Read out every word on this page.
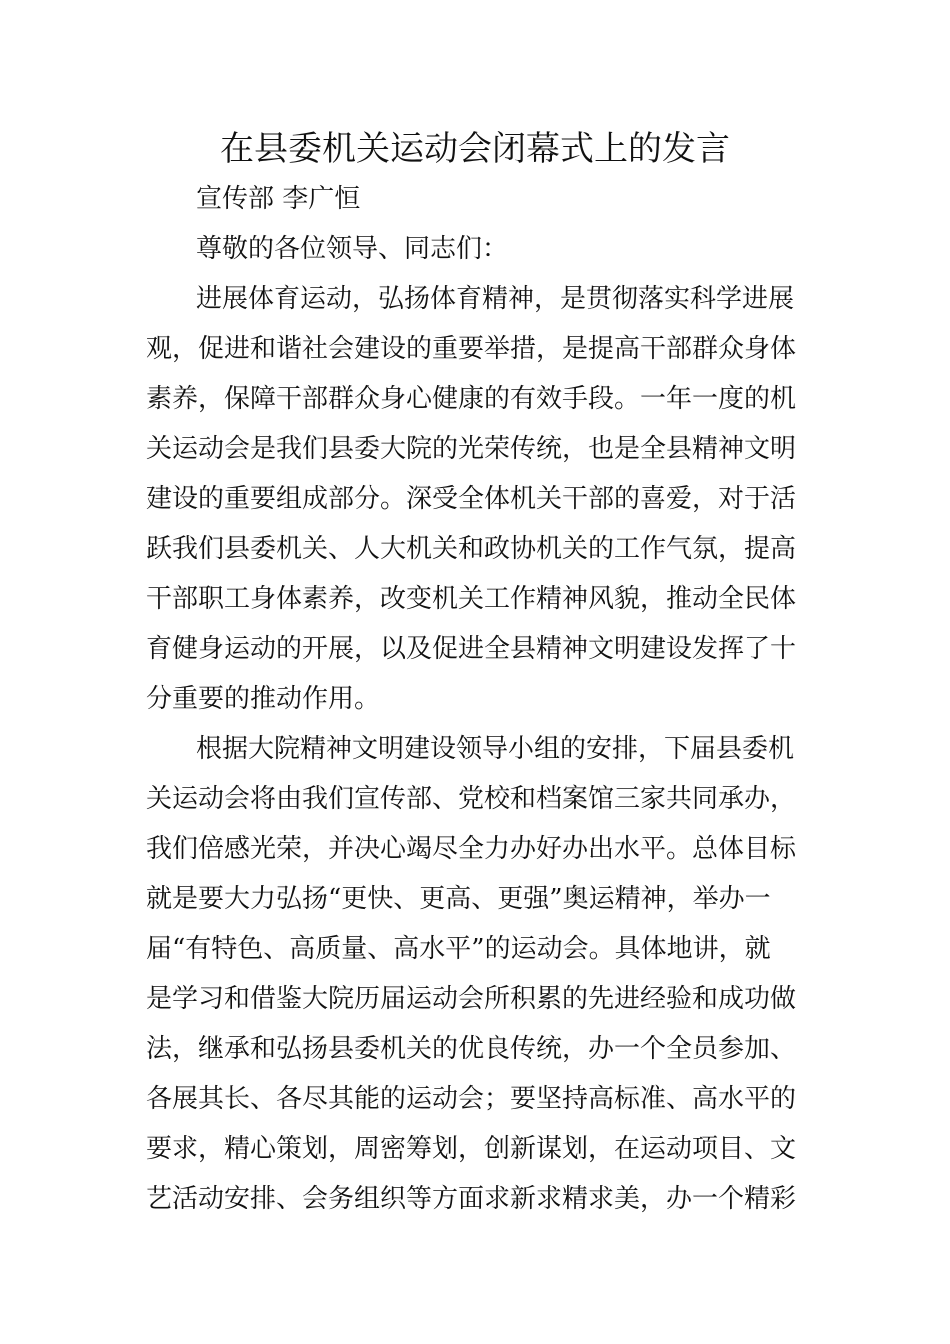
在县委机关运动会闭幕式上的发言
宣传部 李广恒
尊敬的各位领导、同志们：
进展体育运动，弘扬体育精神，是贯彻落实科学进展
观，促进和谐社会建设的重要举措，是提高干部群众身体
素养，保障干部群众身心健康的有效手段。一年一度的机
关运动会是我们县委大院的光荣传统，也是全县精神文明
建设的重要组成部分。深受全体机关干部的喜爱，对于活
跃我们县委机关、人大机关和政协机关的工作气氛，提高
干部职工身体素养，改变机关工作精神风貌，推动全民体
育健身运动的开展，以及促进全县精神文明建设发挥了十
分重要的推动作用。
根据大院精神文明建设领导小组的安排，下届县委机
关运动会将由我们宣传部、党校和档案馆三家共同承办，
我们倍感光荣，并决心竭尽全力办好办出水平。总体目标
就是要大力弘扬“更快、更高、更强”奥运精神，举办一
届“有特色、高质量、高水平”的运动会。具体地讲，就
是学习和借鉴大院历届运动会所积累的先进经验和成功做
法，继承和弘扬县委机关的优良传统，办一个全员参加、
各展其长、各尽其能的运动会；要坚持高标准、高水平的
要求，精心策划，周密筹划，创新谋划，在运动项目、文
艺活动安排、会务组织等方面求新求精求美，办一个精彩
